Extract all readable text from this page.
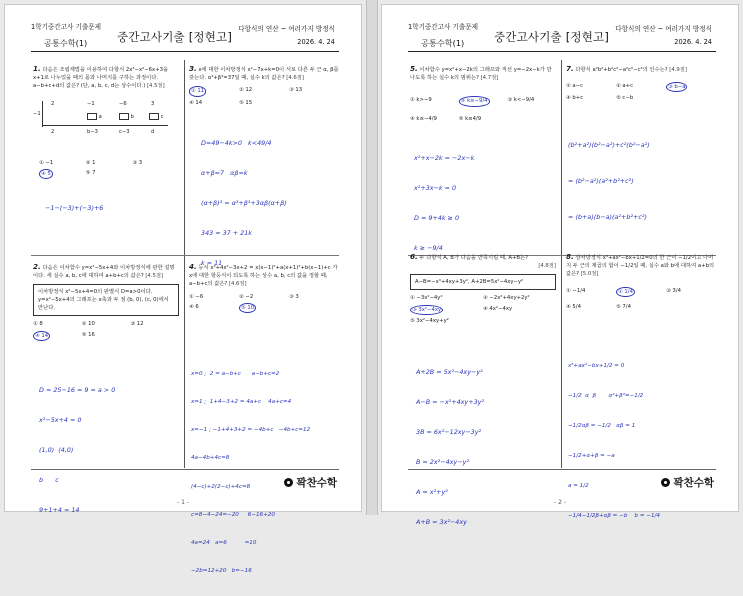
1학기중간고사 기출문제
공통수학(1)	중간고사기출 [정현고]
다항식의 연산 ~ 여러가지 방정식
2026. 4. 24
1. 다음은 조립제법을 이용하여 다항식 2x³−x²−6x+3을 x+1로 나누었을 때의 몫과 나머지를 구하는 과정이다. a−b+c+d의 값은? (단, a, b, c, d는 상수이다.) [4.5점]
−1
2	−1	−6	3
a	b	c
2	b−3	c−3	d
① −1	② 1	③ 3
④ 5	⑤ 7

−1−(−3)+(−3)+6

3. x에 대한 이차방정식 x²−7x+k=0이 서로 다른 두 근 α, β를 갖는다. α³+β³=37일 때, 실수 k의 값은? [4.6점]
① 11	② 12	③ 13
④ 14	⑤ 15

D=49−4k>0   k<49/4

α+β=7   αβ=k

(α+β)³ = α³+β³+3αβ(α+β)

343 = 37 + 21k

k = 11

2. 다음은 이차함수 y=x²−5x+4와 이차방정식에 관한 설명이다. 세 실수 a, b, c에 대하여 a+b+c의 값은? [4.5점]
이차방정식 x²−5x+4=0의 판별식 D=a>0이다. y=x²−5x+4의 그래프는 x축과 두 점 (b, 0), (c, 0)에서 만난다.
① 8	② 10	③ 12
④ 14	⑤ 16

D = 25−16 = 9 = a > 0

x²−5x+4 = 0

(1,0)  (4,0)

b      c

9+1+4 = 14

4. 등식 x³+4x²−3x+2 = x(x−1)²+a(x+1)²+b(x−1)+c 가 x에 대한 항등식이 되도록 하는 상수 a, b, c의 값을 정할 때, a−b+c의 값은? [4.6점]
① −6	② −2	③ 3
④ 6	⑤ 10

x=0 ;  2 = a−b+c      a−b+c=2

x=1 ;  1+4−3+2 = 4a+c    4a+c=4

x=−1 ; −1+4+3+2 = −4b+c   −4b+c=12

4a−4b+4c=8

(4−c)+2(2−c)+4c=8

c=8−4−24=−20     6−16+20

4a=24   a=6          =10

−2b=12+20   b=−16

꽉찬수학
- 1 -
1학기중간고사 기출문제
공통수학(1)	중간고사기출 [정현고]
다항식의 연산 ~ 여러가지 방정식
2026. 4. 24
5. 이차함수 y=x²+x−2k의 그래프와 직선 y=−2x−k가 만나도록 하는 실수 k의 범위는? [4.7점]
① k>−9	② k≥−9/4	③ k<−9/4
④ k≤−4/9	⑤ k≤4/9

x²+x−2k = −2x−k

x²+3x−k = 0

D = 9+4k ≥ 0

k ≥ −9/4

7. 다항식 a²b²+b²c²−a²c²−c⁴의 인수는? [4.9점]
① a−c	② a+c	③ b−a
④ b+c	⑤ c−b

(b²+a²)(b²−a²)+c²(b²−a²)

= (b²−a²)(a²+b²+c²)

= (b+a)(b−a)(a²+b²+c²)

6. 두 다항식 A, B가 다음을 만족시킬 때, A+B는?
[4.8점]
A−B=−x³+4xy+3y², A+2B=5x²−4xy−y²
① −3x²−4y²	② −2x²+4xy+2y²
③ 3x²−4xy	④ 4x²−4xy
⑤ 3x²−4xy+y²

A+2B = 5x²−4xy−y²

A−B = −x²+4xy+3y²

3B = 6x²−12xy−3y²

B = 2x²−4xy−y²

A = x²+y²

A+B = 3x²−4xy

8. 삼차방정식 x³+ax²−bx+1/2=0의 한 근이 −1/2이고 나머지 두 근의 제곱의 합이 −1/2일 때, 실수 a와 b에 대하여 a+b의 값은? [5.0점]
① −1/4	② 1/4	③ 3/4
④ 5/4	⑤ 7/4

x³+ax²−bx+1/2 = 0

−1/2  α  β       α²+β²=−1/2

−1/2αβ = −1/2   αβ = 1

−1/2+α+β = −a

a = 1/2

−1/4−1/2β+αβ = −b    b = −1/4

꽉찬수학
- 2 -
